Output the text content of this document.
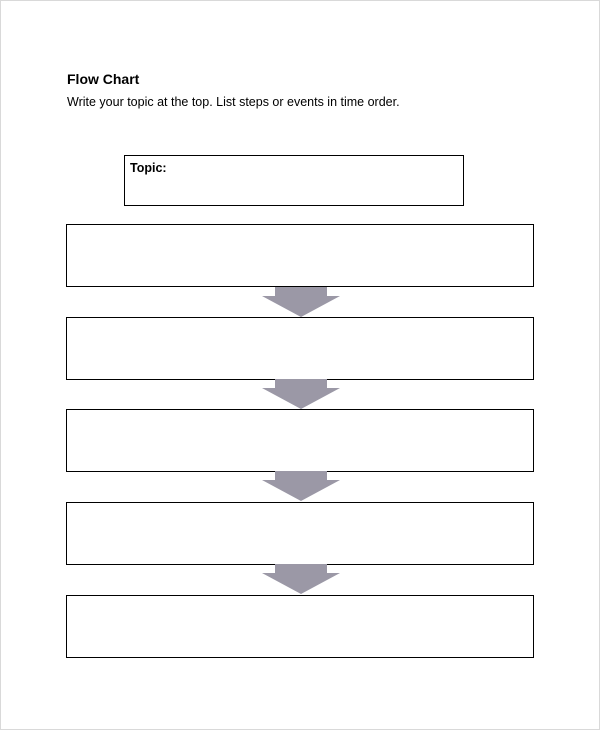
Flow Chart
Write your topic at the top. List steps or events in time order.
Topic:
